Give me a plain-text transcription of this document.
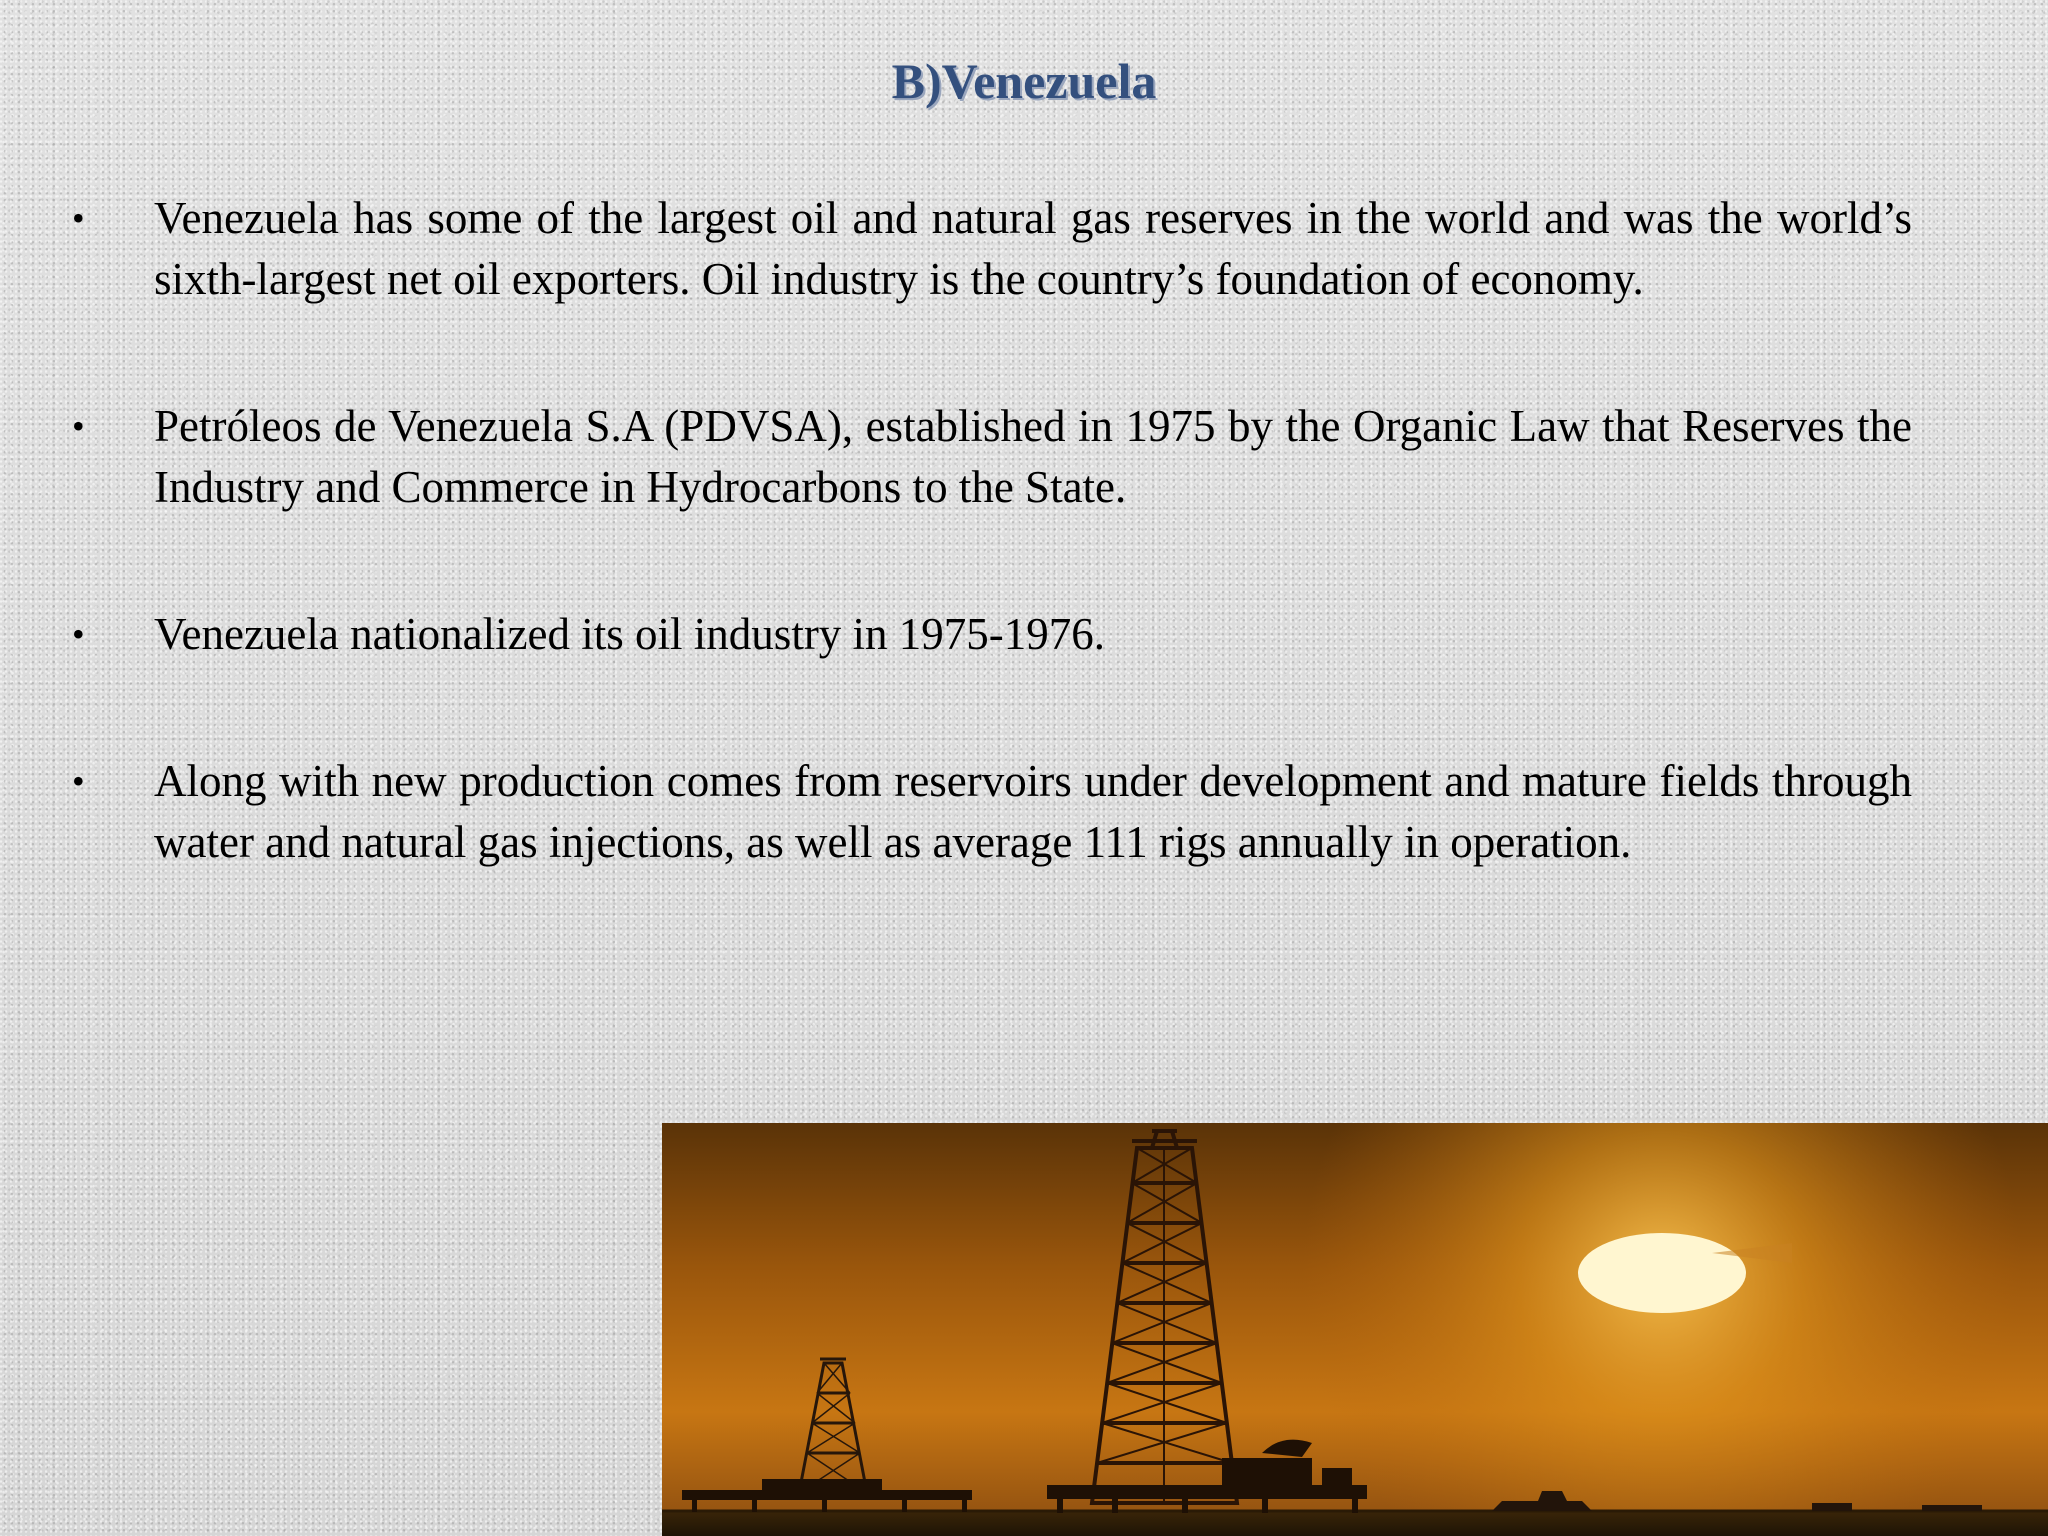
B)Venezuela
•	Venezuela has some of the largest oil and natural gas reserves in the world and was the world’s sixth-largest net oil exporters. Oil industry is the country’s foundation of economy.
•	Petróleos de Venezuela S.A (PDVSA), established in 1975 by the Organic Law that Reserves the Industry and Commerce in Hydrocarbons to the State.
•	Venezuela nationalized its oil industry in 1975-1976.
•	Along with new production comes from reservoirs under development and mature fields through water and natural gas injections, as well as average 111 rigs annually in operation.
